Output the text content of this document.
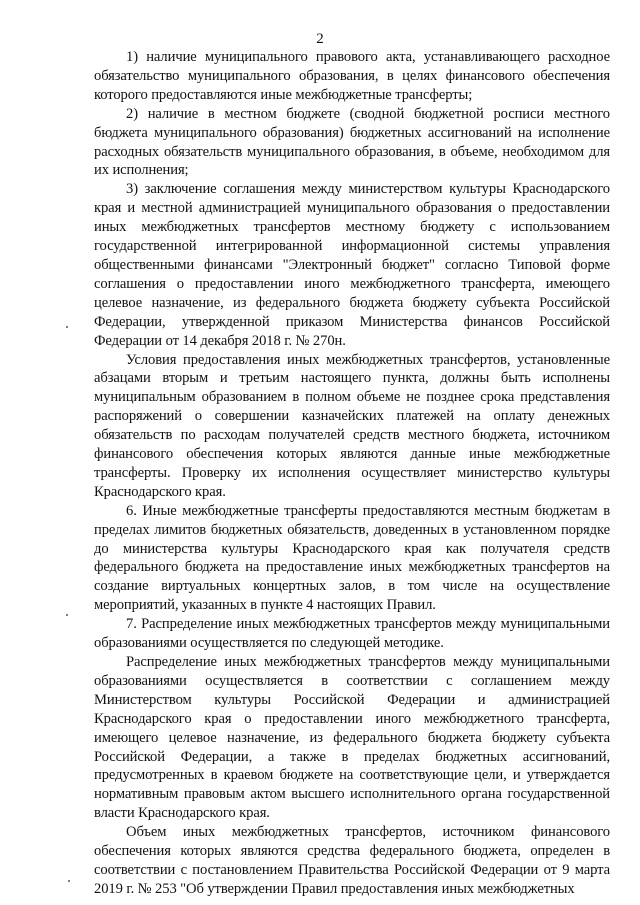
2

1) наличие муниципального правового акта, устанавливающего расходное обязательство муниципального образования, в целях финансового обеспечения которого предоставляются иные межбюджетные трансферты;

2) наличие в местном бюджете (сводной бюджетной росписи местного бюджета муниципального образования) бюджетных ассигнований на исполнение расходных обязательств муниципального образования, в объеме, необходимом для их исполнения;

3) заключение соглашения между министерством культуры Краснодарского края и местной администрацией муниципального образования о предоставлении иных межбюджетных трансфертов местному бюджету с использованием государственной интегрированной информационной системы управления общественными финансами "Электронный бюджет" согласно Типовой форме соглашения о предоставлении иного межбюджетного трансферта, имеющего целевое назначение, из федерального бюджета бюджету субъекта Российской Федерации, утвержденной приказом Министерства финансов Российской Федерации от 14 декабря 2018 г. № 270н.

Условия предоставления иных межбюджетных трансфертов, установленные абзацами вторым и третьим настоящего пункта, должны быть исполнены муниципальным образованием в полном объеме не позднее срока представления распоряжений о совершении казначейских платежей на оплату денежных обязательств по расходам получателей средств местного бюджета, источником финансового обеспечения которых являются данные иные межбюджетные трансферты. Проверку их исполнения осуществляет министерство культуры Краснодарского края.

6. Иные межбюджетные трансферты предоставляются местным бюджетам в пределах лимитов бюджетных обязательств, доведенных в установленном порядке до министерства культуры Краснодарского края как получателя средств федерального бюджета на предоставление иных межбюджетных трансфертов на создание виртуальных концертных залов, в том числе на осуществление мероприятий, указанных в пункте 4 настоящих Правил.

7. Распределение иных межбюджетных трансфертов между муниципальными образованиями осуществляется по следующей методике.

Распределение иных межбюджетных трансфертов между муниципальными образованиями осуществляется в соответствии с соглашением между Министерством культуры Российской Федерации и администрацией Краснодарского края о предоставлении иного межбюджетного трансферта, имеющего целевое назначение, из федерального бюджета бюджету субъекта Российской Федерации, а также в пределах бюджетных ассигнований, предусмотренных в краевом бюджете на соответствующие цели, и утверждается нормативным правовым актом высшего исполнительного органа государственной власти Краснодарского края.

Объем иных межбюджетных трансфертов, источником финансового обеспечения которых являются средства федерального бюджета, определен в соответствии с постановлением Правительства Российской Федерации от 9 марта 2019 г. № 253 "Об утверждении Правил предоставления иных межбюджетных
